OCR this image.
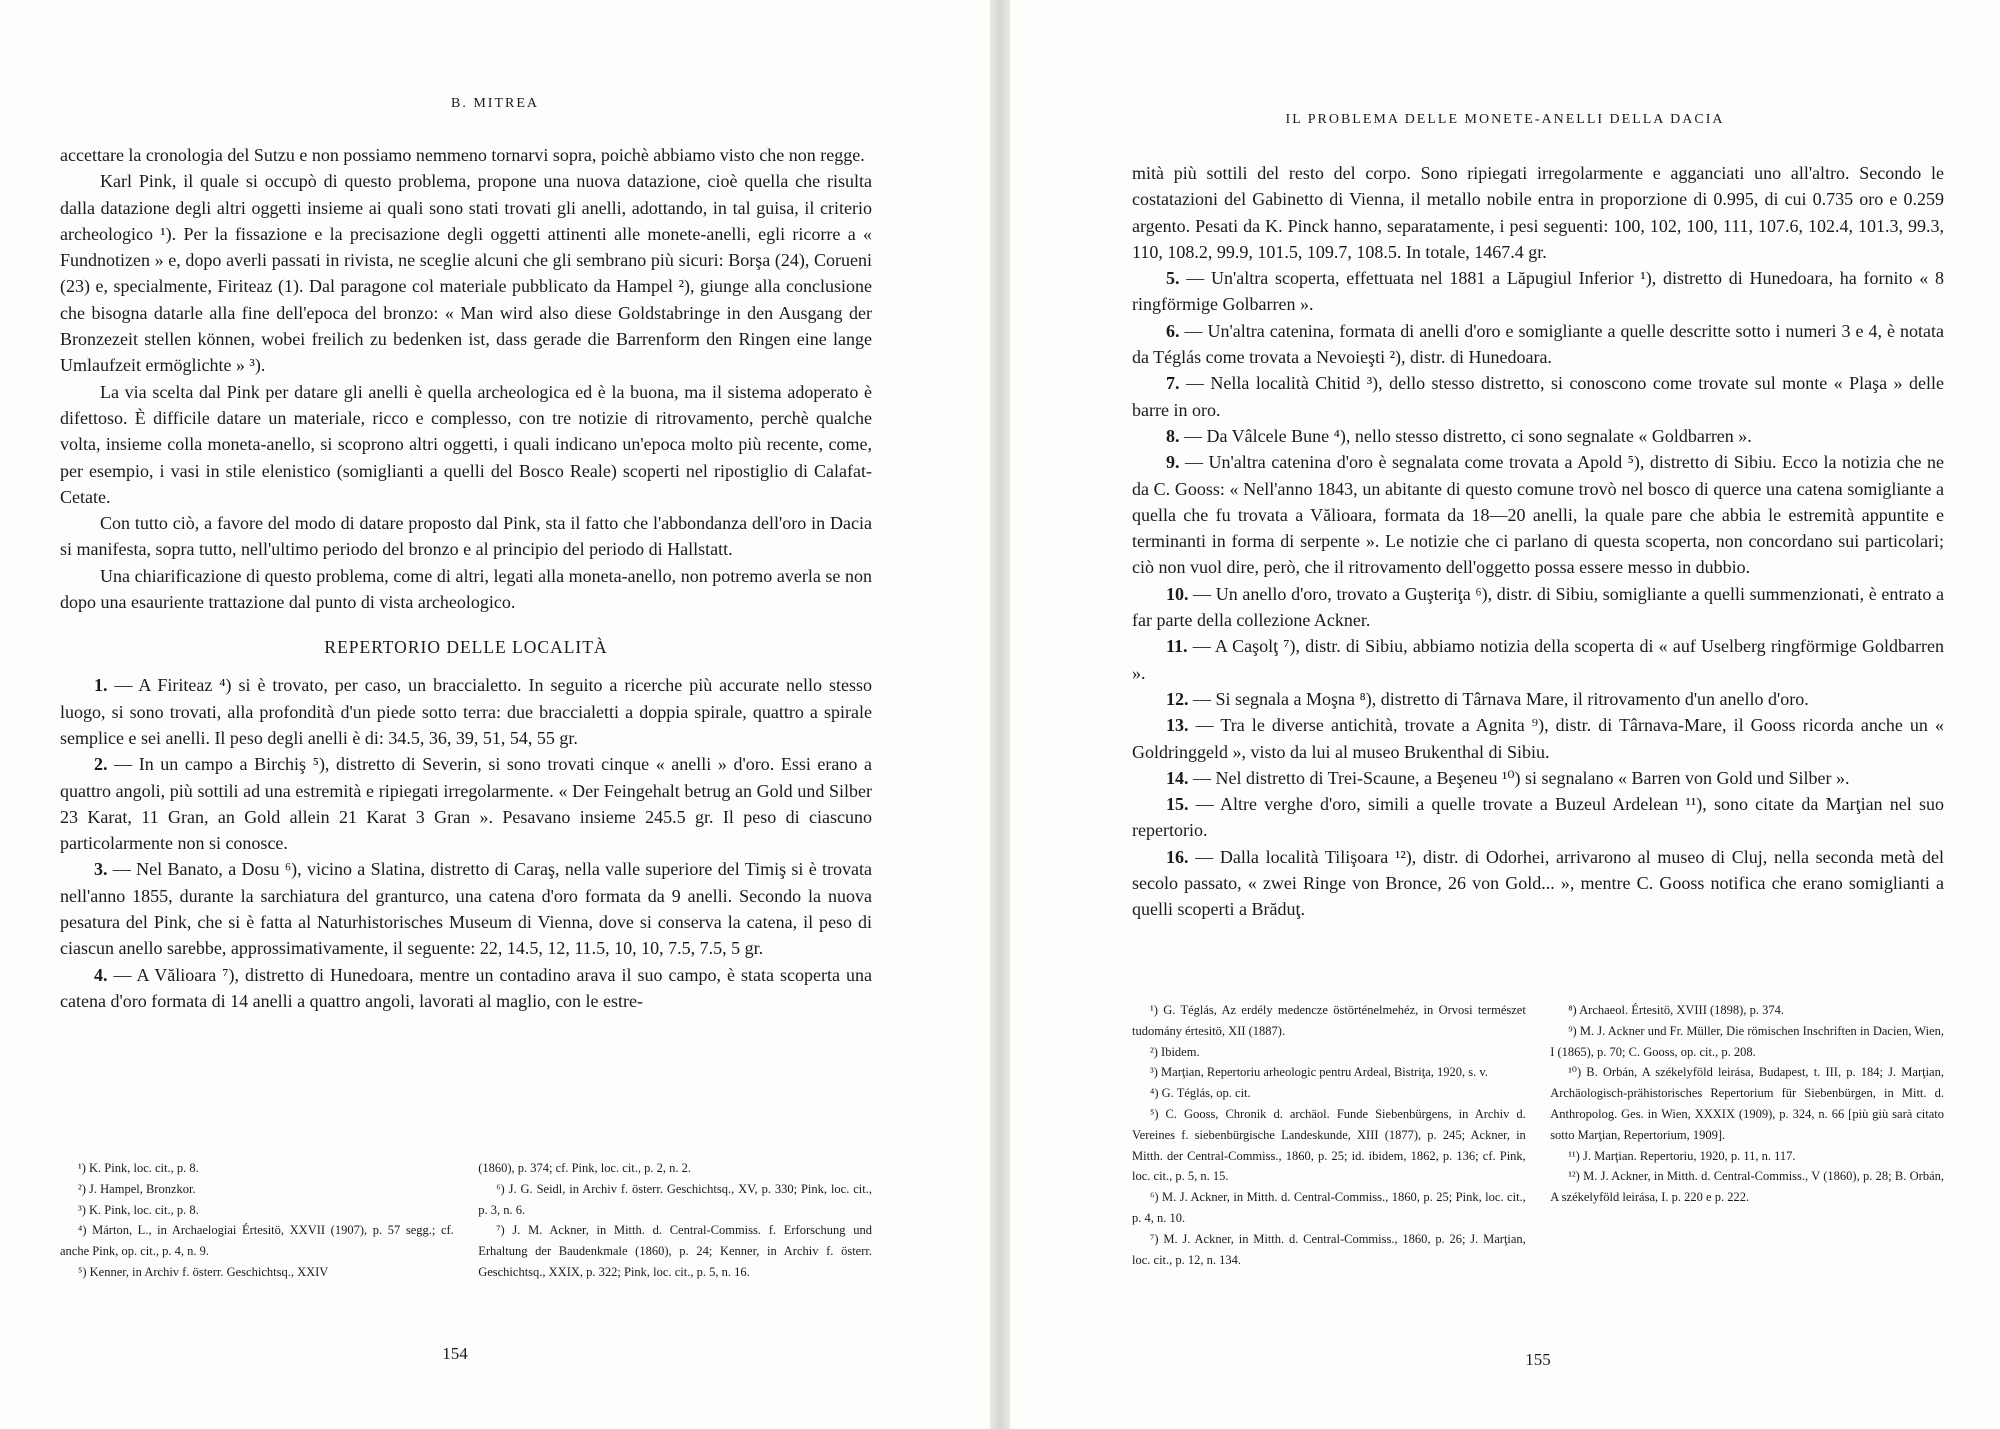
B. MITREA

accettare la cronologia del Sutzu e non possiamo nemmeno tornarvi sopra, poichè abbiamo visto che non regge.

Karl Pink, il quale si occupò di questo problema, propone una nuova datazione, cioè quella che risulta dalla datazione degli altri oggetti insieme ai quali sono stati trovati gli anelli, adottando, in tal guisa, il criterio archeologico ¹). Per la fissazione e la precisazione degli oggetti attinenti alle monete-anelli, egli ricorre a « Fundnotizen » e, dopo averli passati in rivista, ne sceglie alcuni che gli sembrano più sicuri: Borşa (24), Corueni (23) e, specialmente, Firiteaz (1). Dal paragone col materiale pubblicato da Hampel ²), giunge alla conclusione che bisogna datarle alla fine dell'epoca del bronzo: « Man wird also diese Goldstabringe in den Ausgang der Bronzezeit stellen können, wobei freilich zu bedenken ist, dass gerade die Barrenform den Ringen eine lange Umlaufzeit ermöglichte » ³).

La via scelta dal Pink per datare gli anelli è quella archeologica ed è la buona, ma il sistema adoperato è difettoso. È difficile datare un materiale, ricco e complesso, con tre notizie di ritrovamento, perchè qualche volta, insieme colla moneta-anello, si scoprono altri oggetti, i quali indicano un'epoca molto più recente, come, per esempio, i vasi in stile elenistico (somiglianti a quelli del Bosco Reale) scoperti nel ripostiglio di Calafat-Cetate.

Con tutto ciò, a favore del modo di datare proposto dal Pink, sta il fatto che l'abbondanza dell'oro in Dacia si manifesta, sopra tutto, nell'ultimo periodo del bronzo e al principio del periodo di Hallstatt.

Una chiarificazione di questo problema, come di altri, legati alla moneta-anello, non potremo averla se non dopo una esauriente trattazione dal punto di vista archeologico.

REPERTORIO DELLE LOCALITÀ

1. — A Firiteaz ⁴) si è trovato, per caso, un braccialetto. In seguito a ricerche più accurate nello stesso luogo, si sono trovati, alla profondità d'un piede sotto terra: due braccialetti a doppia spirale, quattro a spirale semplice e sei anelli. Il peso degli anelli è di: 34.5, 36, 39, 51, 54, 55 gr.

2. — In un campo a Birchiş ⁵), distretto di Severin, si sono trovati cinque « anelli » d'oro. Essi erano a quattro angoli, più sottili ad una estremità e ripiegati irregolarmente. « Der Feingehalt betrug an Gold und Silber 23 Karat, 11 Gran, an Gold allein 21 Karat 3 Gran ». Pesavano insieme 245.5 gr. Il peso di ciascuno particolarmente non si conosce.

3. — Nel Banato, a Dosu ⁶), vicino a Slatina, distretto di Caraş, nella valle superiore del Timiş si è trovata nell'anno 1855, durante la sarchiatura del granturco, una catena d'oro formata da 9 anelli. Secondo la nuova pesatura del Pink, che si è fatta al Naturhistorisches Museum di Vienna, dove si conserva la catena, il peso di ciascun anello sarebbe, approssimativamente, il seguente: 22, 14.5, 12, 11.5, 10, 10, 7.5, 7.5, 5 gr.

4. — A Vălioara ⁷), distretto di Hunedoara, mentre un contadino arava il suo campo, è stata scoperta una catena d'oro formata di 14 anelli a quattro angoli, lavorati al maglio, con le estre-

¹) K. Pink, loc. cit., p. 8.

²) J. Hampel, Bronzkor.

³) K. Pink, loc. cit., p. 8.

⁴) Márton, L., in Archaelogiai Értesitö, XXVII (1907), p. 57 segg.; cf. anche Pink, op. cit., p. 4, n. 9.

⁵) Kenner, in Archiv f. österr. Geschichtsq., XXIV

(1860), p. 374; cf. Pink, loc. cit., p. 2, n. 2.

⁶) J. G. Seidl, in Archiv f. österr. Geschichtsq., XV, p. 330; Pink, loc. cit., p. 3, n. 6.

⁷) J. M. Ackner, in Mitth. d. Central-Commiss. f. Erforschung und Erhaltung der Baudenkmale (1860), p. 24; Kenner, in Archiv f. österr. Geschichtsq., XXIX, p. 322; Pink, loc. cit., p. 5, n. 16.

154
IL PROBLEMA DELLE MONETE-ANELLI DELLA DACIA

mità più sottili del resto del corpo. Sono ripiegati irregolarmente e agganciati uno all'altro. Secondo le costatazioni del Gabinetto di Vienna, il metallo nobile entra in proporzione di 0.995, di cui 0.735 oro e 0.259 argento. Pesati da K. Pinck hanno, separatamente, i pesi seguenti: 100, 102, 100, 111, 107.6, 102.4, 101.3, 99.3, 110, 108.2, 99.9, 101.5, 109.7, 108.5. In totale, 1467.4 gr.

5. — Un'altra scoperta, effettuata nel 1881 a Lăpugiul Inferior ¹), distretto di Hunedoara, ha fornito « 8 ringförmige Golbarren ».

6. — Un'altra catenina, formata di anelli d'oro e somigliante a quelle descritte sotto i numeri 3 e 4, è notata da Téglás come trovata a Nevoieşti ²), distr. di Hunedoara.

7. — Nella località Chitid ³), dello stesso distretto, si conoscono come trovate sul monte « Plaşa » delle barre in oro.

8. — Da Vâlcele Bune ⁴), nello stesso distretto, ci sono segnalate « Goldbarren ».

9. — Un'altra catenina d'oro è segnalata come trovata a Apold ⁵), distretto di Sibiu. Ecco la notizia che ne da C. Gooss: « Nell'anno 1843, un abitante di questo comune trovò nel bosco di querce una catena somigliante a quella che fu trovata a Vălioara, formata da 18—20 anelli, la quale pare che abbia le estremità appuntite e terminanti in forma di serpente ». Le notizie che ci parlano di questa scoperta, non concordano sui particolari; ciò non vuol dire, però, che il ritrovamento dell'oggetto possa essere messo in dubbio.

10. — Un anello d'oro, trovato a Guşteriţa ⁶), distr. di Sibiu, somigliante a quelli summenzionati, è entrato a far parte della collezione Ackner.

11. — A Caşolţ ⁷), distr. di Sibiu, abbiamo notizia della scoperta di « auf Uselberg ringförmige Goldbarren ».

12. — Si segnala a Moşna ⁸), distretto di Târnava Mare, il ritrovamento d'un anello d'oro.

13. — Tra le diverse antichità, trovate a Agnita ⁹), distr. di Târnava-Mare, il Gooss ricorda anche un « Goldringgeld », visto da lui al museo Brukenthal di Sibiu.

14. — Nel distretto di Trei-Scaune, a Beşeneu ¹⁰) si segnalano « Barren von Gold und Silber ».

15. — Altre verghe d'oro, simili a quelle trovate a Buzeul Ardelean ¹¹), sono citate da Marţian nel suo repertorio.

16. — Dalla località Tilişoara ¹²), distr. di Odorhei, arrivarono al museo di Cluj, nella seconda metà del secolo passato, « zwei Ringe von Bronce, 26 von Gold... », mentre C. Gooss notifica che erano somiglianti a quelli scoperti a Brăduţ.

¹) G. Téglás, Az erdély medencze östörténelmehéz, in Orvosi természet tudomány értesitö, XII (1887).

²) Ibidem.

³) Marţian, Repertoriu arheologic pentru Ardeal, Bistriţa, 1920, s. v.

⁴) G. Téglás, op. cit.

⁵) C. Gooss, Chronik d. archäol. Funde Siebenbürgens, in Archiv d. Vereines f. siebenbürgische Landeskunde, XIII (1877), p. 245; Ackner, in Mitth. der Central-Commiss., 1860, p. 25; id. ibidem, 1862, p. 136; cf. Pink, loc. cit., p. 5, n. 15.

⁶) M. J. Ackner, in Mitth. d. Central-Commiss., 1860, p. 25; Pink, loc. cit., p. 4, n. 10.

⁷) M. J. Ackner, in Mitth. d. Central-Commiss., 1860, p. 26; J. Marţian, loc. cit., p. 12, n. 134.

⁸) Archaeol. Értesitö, XVIII (1898), p. 374.

⁹) M. J. Ackner und Fr. Müller, Die römischen Inschriften in Dacien, Wien, I (1865), p. 70; C. Gooss, op. cit., p. 208.

¹⁰) B. Orbán, A székelyföld leirása, Budapest, t. III, p. 184; J. Marţian, Archäologisch-prähistorisches Repertorium für Siebenbürgen, in Mitt. d. Anthropolog. Ges. in Wien, XXXIX (1909), p. 324, n. 66 [più giù sarà citato sotto Marţian, Repertorium, 1909].

¹¹) J. Marţian. Repertoriu, 1920, p. 11, n. 117.

¹²) M. J. Ackner, in Mitth. d. Central-Commiss., V (1860), p. 28; B. Orbán, A székelyföld leirása, I. p. 220 e p. 222.

155
